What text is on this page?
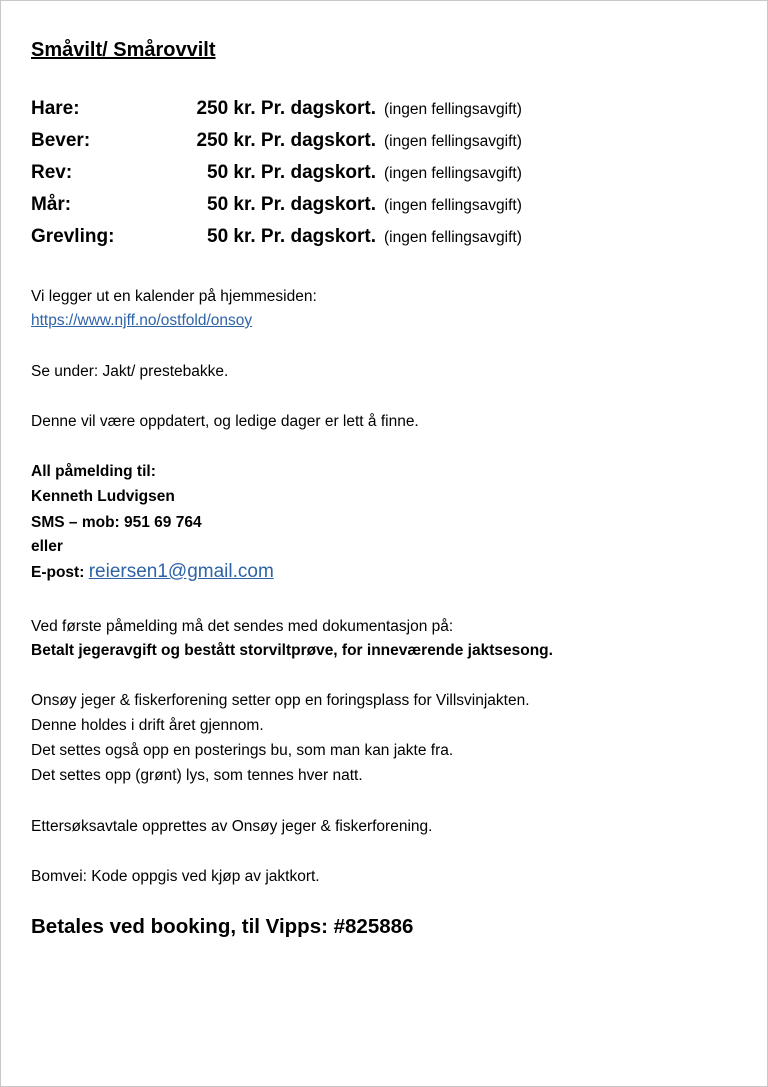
Småvilt/ Smårovvilt
Hare:	250 kr. Pr. dagskort. (ingen fellingsavgift)
Bever:	250 kr. Pr. dagskort. (ingen fellingsavgift)
Rev:	50 kr. Pr. dagskort. (ingen fellingsavgift)
Mår:	50 kr. Pr. dagskort. (ingen fellingsavgift)
Grevling:	50 kr. Pr. dagskort. (ingen fellingsavgift)
Vi legger ut en kalender på hjemmesiden:
https://www.njff.no/ostfold/onsoy
Se under: Jakt/ prestebakke.
Denne vil være oppdatert, og ledige dager er lett å finne.
All påmelding til:
Kenneth Ludvigsen
SMS – mob: 951 69 764
eller
E-post: reiersen1@gmail.com
Ved første påmelding må det sendes med dokumentasjon på:
Betalt jegeravgift og bestått storviltprøve, for inneværende jaktsesong.
Onsøy jeger & fiskerforening setter opp en foringsplass for Villsvinjakten.
Denne holdes i drift året gjennom.
Det settes også opp en posterings bu, som man kan jakte fra.
Det settes opp (grønt) lys, som tennes hver natt.
Ettersøksavtale opprettes av Onsøy jeger & fiskerforening.
Bomvei: Kode oppgis ved kjøp av jaktkort.
Betales ved booking, til Vipps: #825886
